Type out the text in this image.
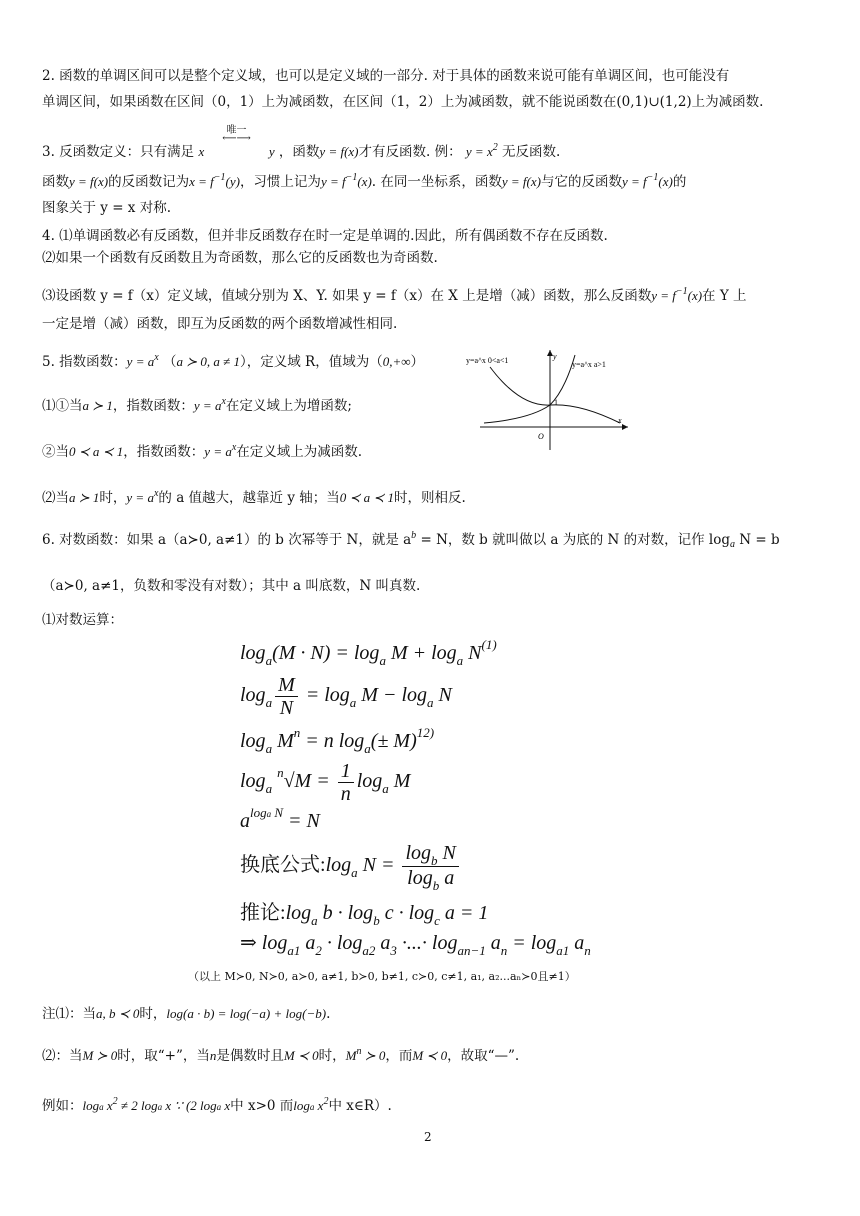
2. 函数的单调区间可以是整个定义域，也可以是定义域的一部分. 对于具体的函数来说可能有单调区间，也可能没有
单调区间，如果函数在区间（0，1）上为减函数，在区间（1，2）上为减函数，就不能说函数在(0,1)∪(1,2)上为减函数.
3. 反函数定义：只有满足 x 唯一
⟵⟶ y ，函数y = f(x)才有反函数. 例： $y = x^2$ 无反函数.
函数y = f(x)的反函数记为$x = f^{-1}(y)$，习惯上记为$y = f^{-1}(x)$. 在同一坐标系，函数y = f(x)与它的反函数$y = f^{-1}(x)$的
图象关于 y = x 对称.
4. ⑴单调函数必有反函数，但并非反函数存在时一定是单调的.因此，所有偶函数不存在反函数.
⑵如果一个函数有反函数且为奇函数，那么它的反函数也为奇函数.
⑶设函数 y = f（x）定义域，值域分别为 X、Y. 如果 y = f（x）在 X 上是增（减）函数，那么反函数$y = f^{-1}(x)$在 Y 上
一定是增（减）函数，即互为反函数的两个函数增减性相同.
5. 指数函数：$y = a^x$ （a ≻ 0, a ≠ 1），定义域 R，值域为（0,+∞）
⑴①当a ≻ 1，指数函数：$y = a^x$在定义域上为增函数;
②当0 ≺ a ≺ 1，指数函数：$y = a^x$在定义域上为减函数.
⑵当a ≻ 1时，$y = a^x$的 a 值越大，越靠近 y 轴；当0 ≺ a ≺ 1时，则相反.
y=a^x 0<a<1	y=a^x a>1
y
x
O
1
6. 对数函数：如果 a（a≻0, a≠1）的 b 次幂等于 N，就是 $a^b = N$，数 b 就叫做以 a 为底的 N 的对数，记作 $\log_a N = b$
（a≻0, a≠1，负数和零没有对数）；其中 a 叫底数，N 叫真数.
⑴对数运算：
$\log_a(M \cdot N) = \log_a M + \log_a N^{(1)}$
$\log_a \frac{M}{N} = \log_a M - \log_a N$
$\log_a M^n = n$ $\log_a(\pm M)^{12)}$
$\log_a ^n√M = \frac{1}{n} \log_a M$
$a^{loga N} = N$
换底公式$:\log_a$ $N = \frac{\log_b N}{\log_b a}$
推论$:\log_a$ $b \cdot \log_b c \cdot \log_c a = 1$
⇒ $\log_{a1} a_2 \cdot \log_{a2} a_3$ ·...· $\log_{an-1} a_n = \log_{a1} a_n$
（以上 M≻0, N≻0, a≻0, a≠1, b≻0, b≠1, c≻0, c≠1, a₁, a₂...aₙ≻0且≠1）
注⑴：当a, b ≺ 0时，log(a · b) = log(−a) + log(−b).
⑵：当M ≻ 0时，取“+”，当n是偶数时且M ≺ 0时，$M^n$ ≻ 0，而M ≺ 0，故取“—”.
例如：loga $x^2 \ne 2$ loga x ∵ (2 loga x中 x>0 而loga $x^2$中 x∈R）.
2
